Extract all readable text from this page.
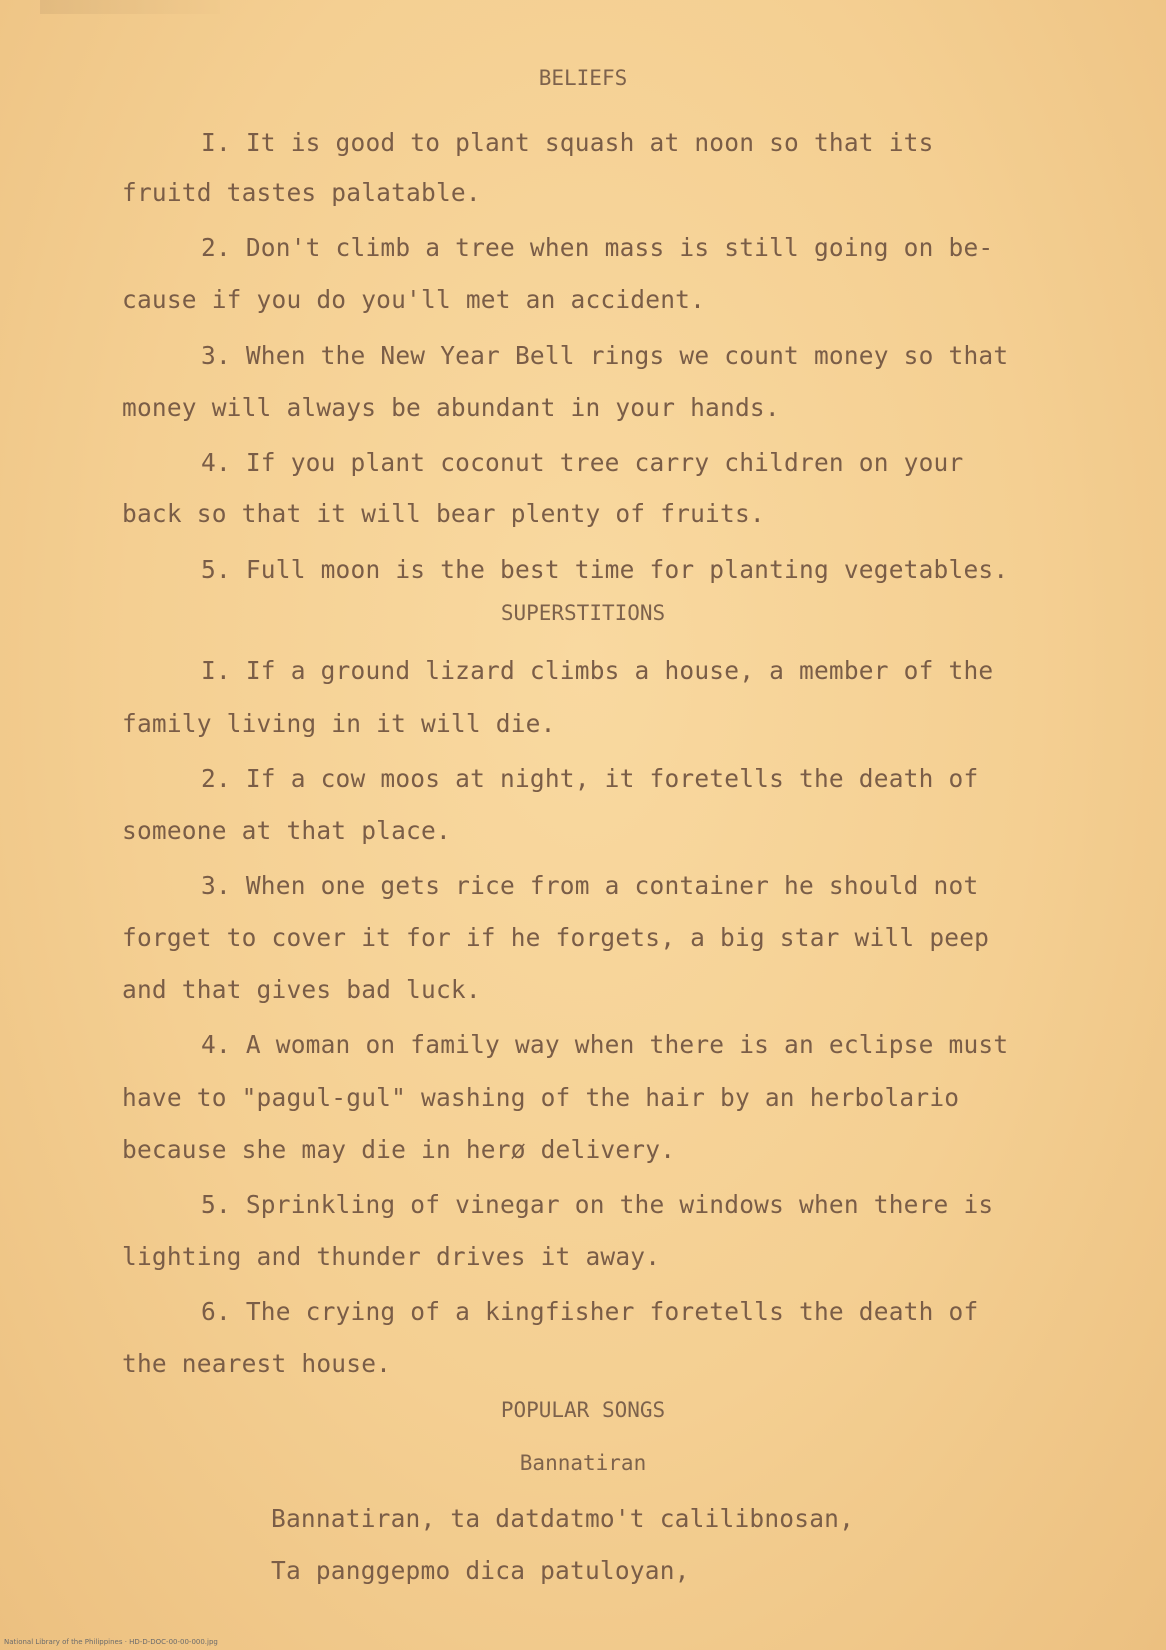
BELIEFS
I. It is good to plant squash at noon so that its
fruitd tastes palatable.
2. Don't climb a tree when mass is still going on be-
cause if you do you'll met an accident.
3. When the New Year Bell rings we count money so that
money will always be abundant in your hands.
4. If you plant coconut tree carry children on your
back so that it will bear plenty of fruits.
5. Full moon is the best time for planting vegetables.
SUPERSTITIONS
I. If a ground lizard climbs a house, a member of the
family living in it will die.
2. If a cow moos at night, it foretells the death of
someone at that place.
3. When one gets rice from a container he should not
forget to cover it for if he forgets, a big star will peep
and that gives bad luck.
4. A woman on family way when there is an eclipse must
have to "pagul-gul" washing of the hair by an herbolario
because she may die in herø delivery.
5. Sprinkling of vinegar on the windows when there is
lighting and thunder drives it away.
6. The crying of a kingfisher foretells the death of
the nearest house.
POPULAR SONGS
Bannatiran
Bannatiran, ta datdatmo't calilibnosan,
Ta panggepmo dica patuloyan,
National Library of the Philippines · HD-D-DOC-00-00-000.jpg
